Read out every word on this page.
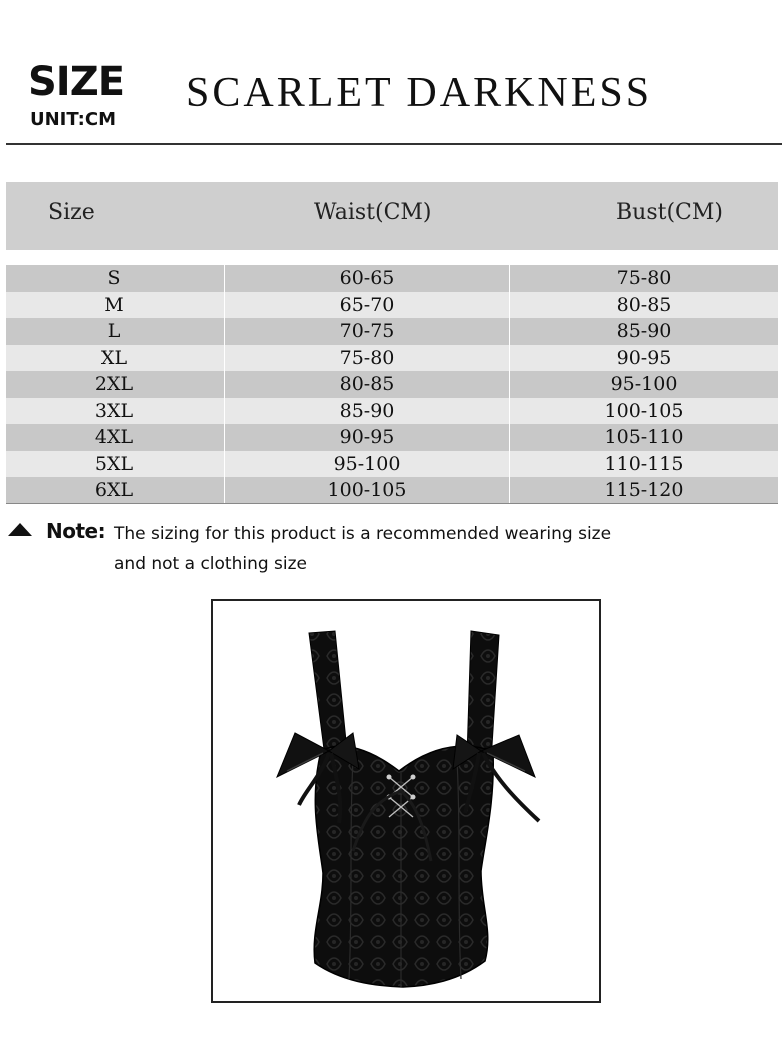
SIZE
UNIT:CM
SCARLET DARKNESS
Size	Waist(CM)	Bust(CM)
S	60-65	75-80
M	65-70	80-85
L	70-75	85-90
XL	75-80	90-95
2XL	80-85	95-100
3XL	85-90	100-105
4XL	90-95	105-110
5XL	95-100	110-115
6XL	100-105	115-120
Note: The sizing for this product is a recommended wearing size
and not a clothing size
